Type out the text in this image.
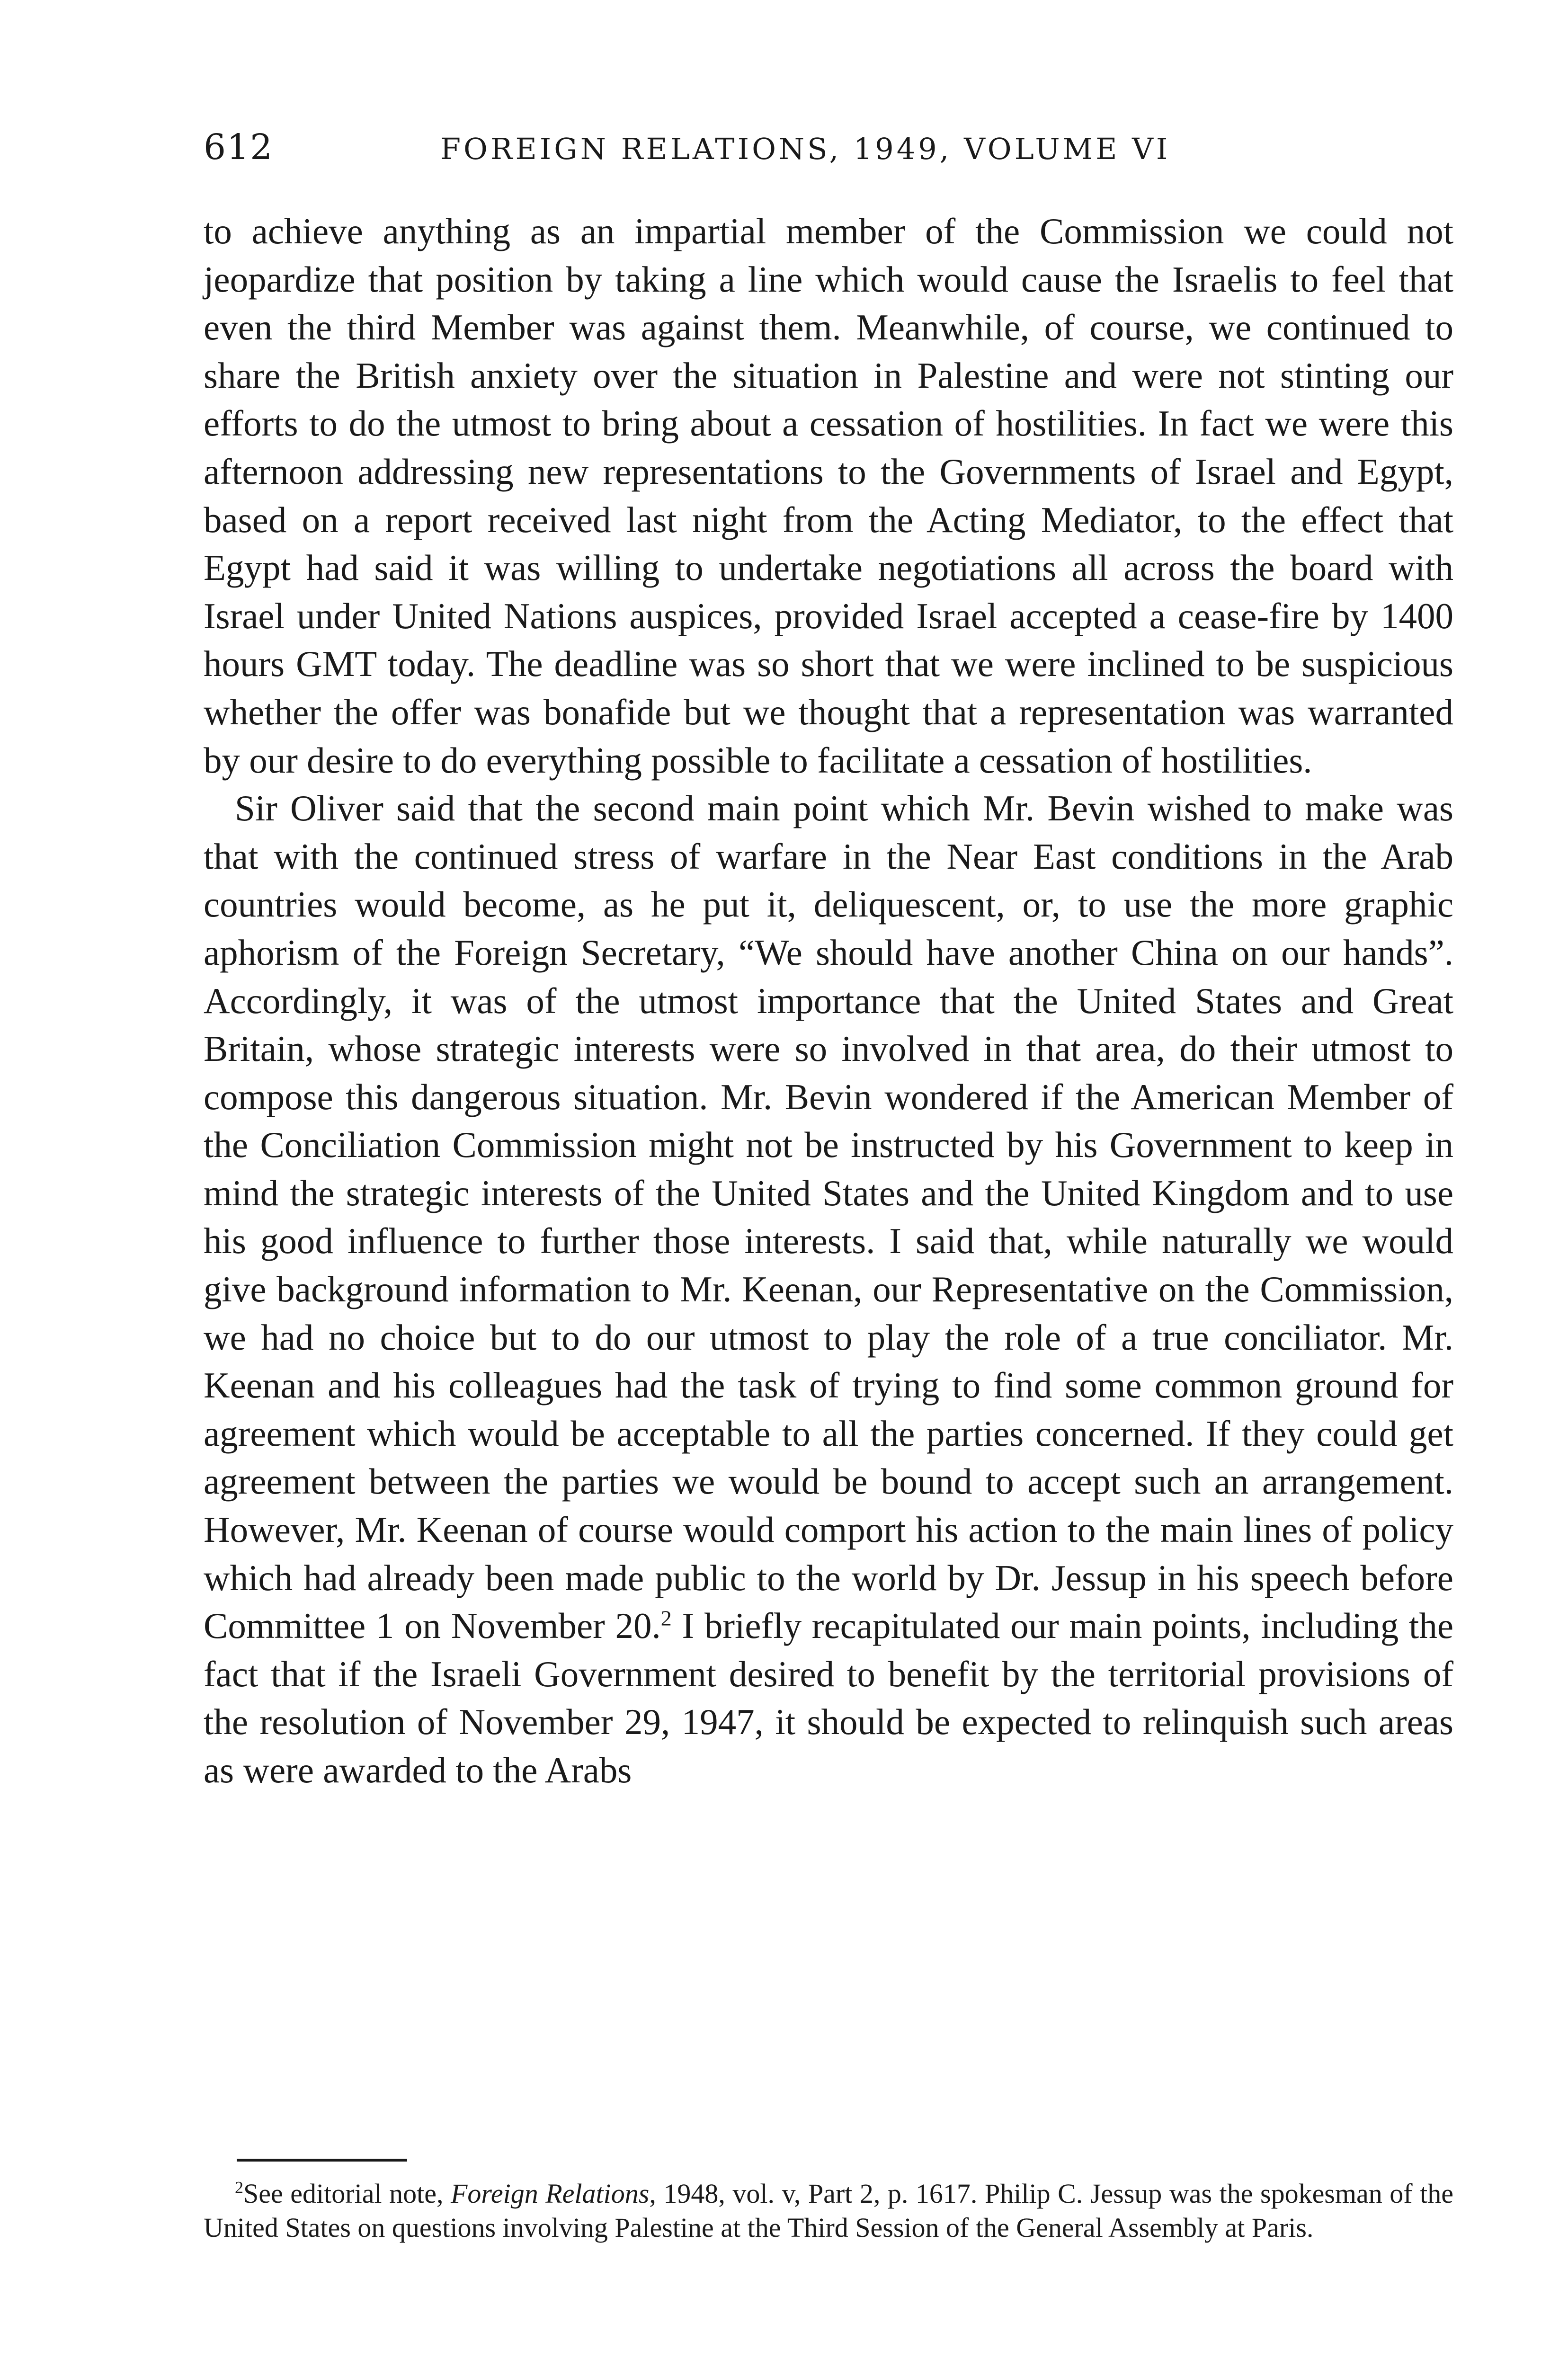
612	FOREIGN RELATIONS, 1949, VOLUME VI

to achieve anything as an impartial member of the Commission we could not jeopardize that position by taking a line which would cause the Israelis to feel that even the third Member was against them. Meanwhile, of course, we continued to share the British anxiety over the situation in Palestine and were not stinting our efforts to do the utmost to bring about a cessation of hostilities. In fact we were this afternoon addressing new representations to the Governments of Israel and Egypt, based on a report received last night from the Acting Mediator, to the effect that Egypt had said it was willing to undertake negotiations all across the board with Israel under United Nations auspices, provided Israel accepted a cease-fire by 1400 hours GMT today. The deadline was so short that we were inclined to be suspicious whether the offer was bonafide but we thought that a representation was warranted by our desire to do everything possible to facilitate a cessation of hostilities.

Sir Oliver said that the second main point which Mr. Bevin wished to make was that with the continued stress of warfare in the Near East conditions in the Arab countries would become, as he put it, deliquescent, or, to use the more graphic aphorism of the Foreign Secretary, “We should have another China on our hands”. Accordingly, it was of the utmost importance that the United States and Great Britain, whose strategic interests were so involved in that area, do their utmost to compose this dangerous situation. Mr. Bevin wondered if the American Member of the Conciliation Commission might not be instructed by his Government to keep in mind the strategic interests of the United States and the United Kingdom and to use his good influence to further those interests. I said that, while naturally we would give background information to Mr. Keenan, our Representative on the Commission, we had no choice but to do our utmost to play the role of a true conciliator. Mr. Keenan and his colleagues had the task of trying to find some common ground for agreement which would be acceptable to all the parties concerned. If they could get agreement between the parties we would be bound to accept such an arrangement. However, Mr. Keenan of course would comport his action to the main lines of policy which had already been made public to the world by Dr. Jessup in his speech before Committee 1 on November 20.$^2$ I briefly recapitulated our main points, including the fact that if the Israeli Government desired to benefit by the territorial provisions of the resolution of November 29, 1947, it should be expected to relinquish such areas as were awarded to the Arabs

$^2$See editorial note, Foreign Relations, 1948, vol. v, Part 2, p. 1617. Philip C. Jessup was the spokesman of the United States on questions involving Palestine at the Third Session of the General Assembly at Paris.
